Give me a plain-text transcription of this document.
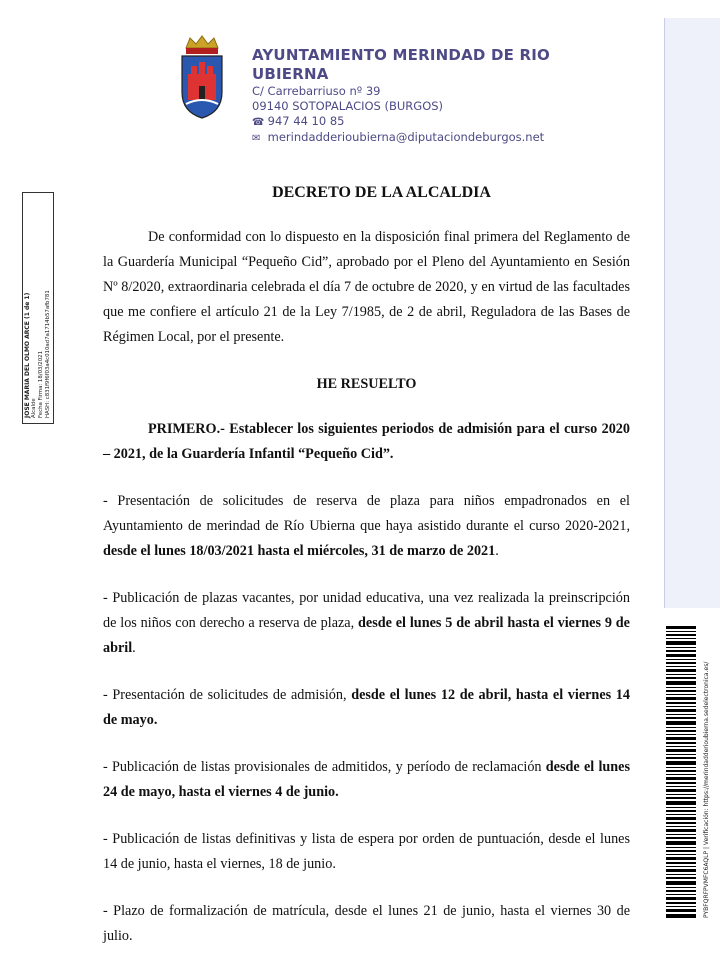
AYUNTAMIENTO MERINDAD DE RIO UBIERNA
C/ Carrebarriuso nº 39
09140 SOTOPALACIOS (BURGOS)
☎ 947 44 10 85
✉ merindadderioubierna@diputaciondeburgos.net
JOSE MARIA DEL OLMO ARCE (1 de 1) Alcalde Fecha Firma: 18/03/2021 HASH: c831f9f6f03a4c010ad7a1714b57afb781
PYBFQRFPVMFC6AQLP | Verificación: https://merindadderioubierna.sedelectronica.es/
DECRETO DE LA ALCALDIA
De conformidad con lo dispuesto en la disposición final primera del Reglamento de la Guardería Municipal “Pequeño Cid”, aprobado por el Pleno del Ayuntamiento en Sesión Nº 8/2020, extraordinaria celebrada el día 7 de octubre de 2020, y en virtud de las facultades que me confiere el artículo 21 de la Ley 7/1985, de 2 de abril, Reguladora de las Bases de Régimen Local, por el presente.
HE RESUELTO
PRIMERO.- Establecer los siguientes periodos de admisión para el curso 2020 – 2021, de la Guardería Infantil “Pequeño Cid”.
- Presentación de solicitudes de reserva de plaza para niños empadronados en el Ayuntamiento de merindad de Río Ubierna que haya asistido durante el curso 2020-2021, desde el lunes 18/03/2021 hasta el miércoles, 31 de marzo de 2021.
- Publicación de plazas vacantes, por unidad educativa, una vez realizada la preinscripción de los niños con derecho a reserva de plaza, desde el lunes 5 de abril hasta el viernes 9 de abril.
- Presentación de solicitudes de admisión, desde el lunes 12 de abril, hasta el viernes 14 de mayo.
- Publicación de listas provisionales de admitidos, y período de reclamación desde el lunes 24 de mayo, hasta el viernes 4 de junio.
- Publicación de listas definitivas y lista de espera por orden de puntuación, desde el lunes 14 de junio, hasta el viernes, 18 de junio.
- Plazo de formalización de matrícula, desde el lunes 21 de junio, hasta el viernes 30 de julio.
